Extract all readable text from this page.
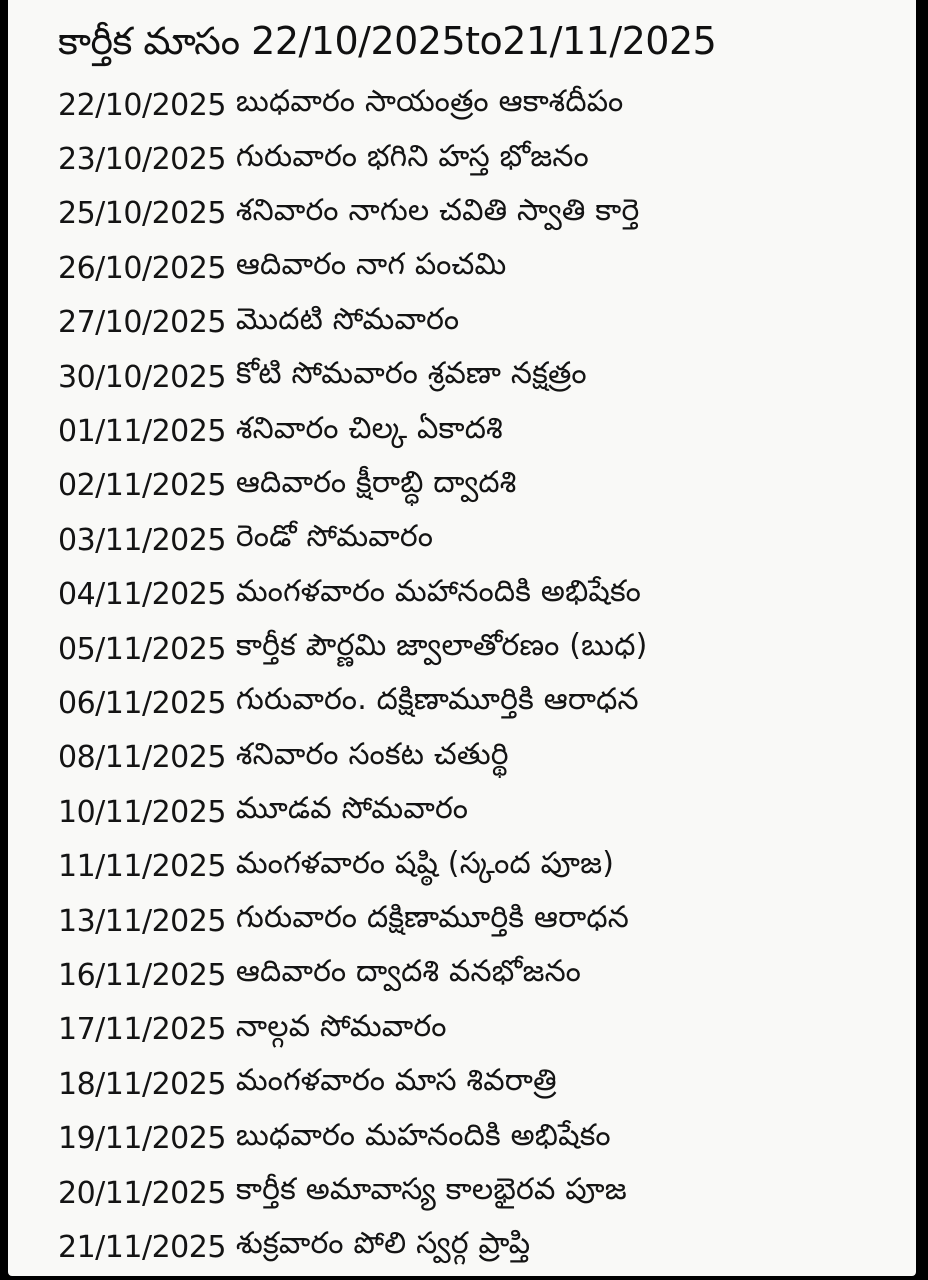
కార్తీక మాసం 22/10/2025to21/11/2025
22/10/2025 బుధవారం సాయంత్రం ఆకాశదీపం
23/10/2025 గురువారం భగిని హస్త భోజనం
25/10/2025 శనివారం నాగుల చవితి స్వాతి కార్తె
26/10/2025 ఆదివారం నాగ పంచమి
27/10/2025 మొదటి సోమవారం
30/10/2025 కోటి సోమవారం శ్రవణా నక్షత్రం
01/11/2025 శనివారం చిల్క ఏకాదశి
02/11/2025 ఆదివారం క్షీరాబ్ధి ద్వాదశి
03/11/2025 రెండో సోమవారం
04/11/2025 మంగళవారం మహానందికి అభిషేకం
05/11/2025 కార్తీక పౌర్ణమి జ్వాలాతోరణం (బుధ)
06/11/2025 గురువారం. దక్షిణామూర్తికి ఆరాధన
08/11/2025 శనివారం సంకట చతుర్థి
10/11/2025 మూడవ సోమవారం
11/11/2025 మంగళవారం షష్ఠి (స్కంద పూజ)
13/11/2025 గురువారం దక్షిణామూర్తికి ఆరాధన
16/11/2025 ఆదివారం ద్వాదశి వనభోజనం
17/11/2025 నాల్గవ సోమవారం
18/11/2025 మంగళవారం మాస శివరాత్రి
19/11/2025 బుధవారం మహనందికి అభిషేకం
20/11/2025 కార్తీక అమావాస్య కాలభైరవ పూజ
21/11/2025 శుక్రవారం పోలి స్వర్గ ప్రాప్తి
